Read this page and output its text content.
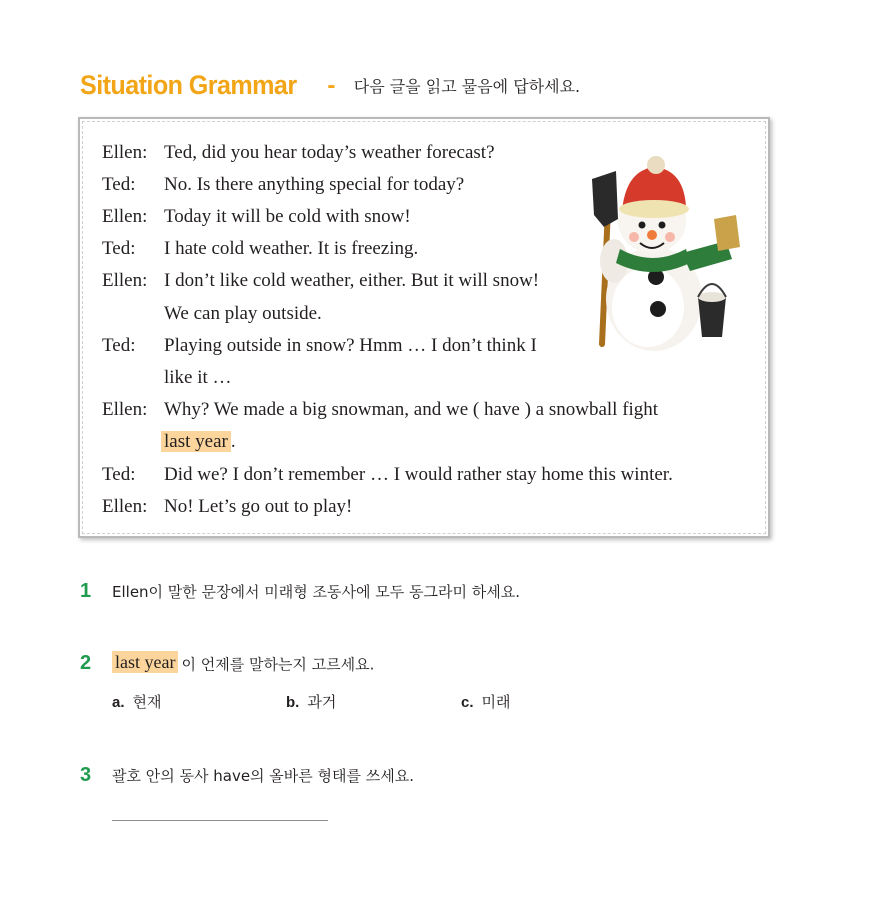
Situation Grammar - 다음 글을 읽고 물음에 답하세요.
Ellen: Ted, did you hear today’s weather forecast?
Ted: No. Is there anything special for today?
Ellen: Today it will be cold with snow!
Ted: I hate cold weather. It is freezing.
Ellen: I don’t like cold weather, either. But it will snow!
We can play outside.
Ted: Playing outside in snow? Hmm … I don’t think I
like it …
Ellen: Why? We made a big snowman, and we ( have ) a snowball fight
last year .
Ted: Did we? I don’t remember … I would rather stay home this winter.
Ellen: No! Let’s go out to play!
1 Ellen이 말한 문장에서 미래형 조동사에 모두 동그라미 하세요.
2 last year 이 언제를 말하는지 고르세요.
a. 현재	b. 과거	c. 미래
3 괄호 안의 동사 have의 올바른 형태를 쓰세요.
